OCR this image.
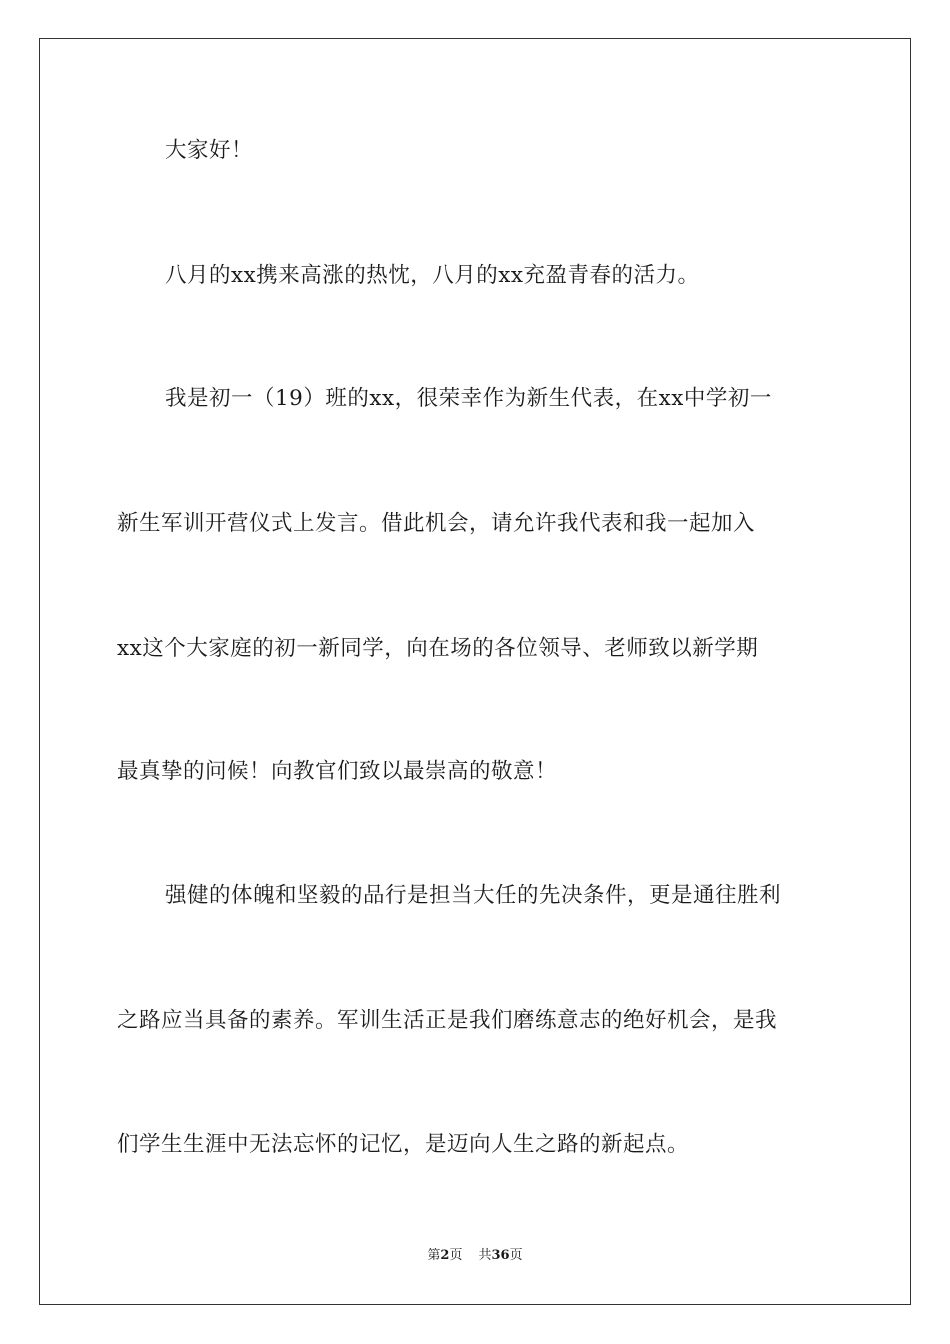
大家好！
八月的xx携来高涨的热忱，八月的xx充盈青春的活力。
我是初一（19）班的xx，很荣幸作为新生代表，在xx中学初一
新生军训开营仪式上发言。借此机会，请允许我代表和我一起加入
xx这个大家庭的初一新同学，向在场的各位领导、老师致以新学期
最真挚的问候！向教官们致以最崇高的敬意！
强健的体魄和坚毅的品行是担当大任的先决条件，更是通往胜利
之路应当具备的素养。军训生活正是我们磨练意志的绝好机会，是我
们学生生涯中无法忘怀的记忆，是迈向人生之路的新起点。
第2页 共36页
